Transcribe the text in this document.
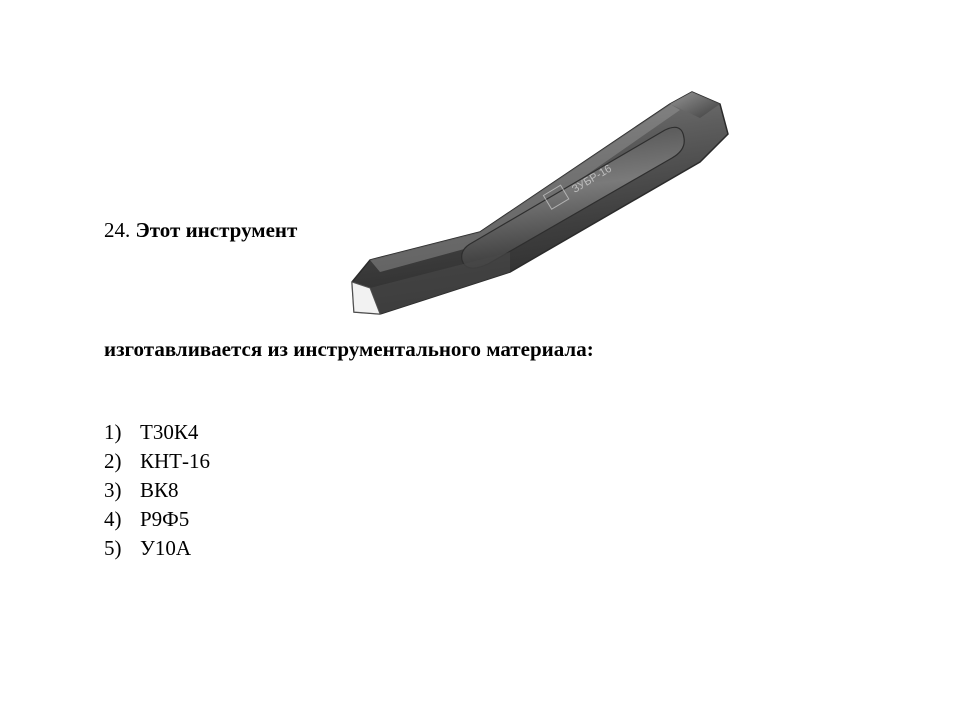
24. Этот инструмент
ЗУБР-16
изготавливается из инструментального материала:
1) Т30К4
2) КНТ-16
3) ВК8
4) Р9Ф5
5) У10А
